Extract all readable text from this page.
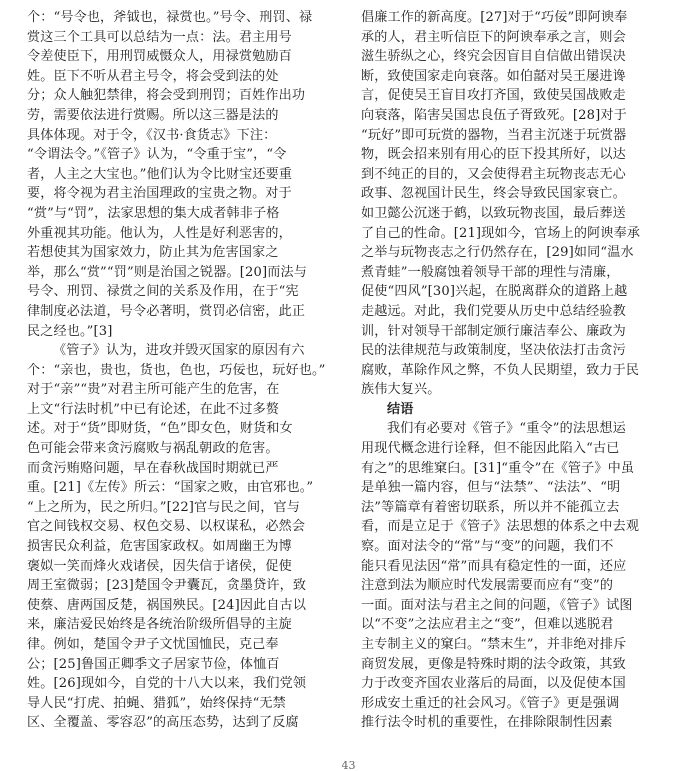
个：“号令也，斧钺也，禄赏也。”号令、刑罚、禄
赏这三个工具可以总结为一点：法。君主用号
令差使臣下，用刑罚威慑众人，用禄赏勉励百
姓。臣下不听从君主号令，将会受到法的处
分；众人触犯禁律，将会受到刑罚；百姓作出功
劳，需要依法进行赏赐。所以这三器是法的
具体体现。对于令，《汉书·食货志》下注：
“令谓法令。”《管子》认为，“令重于宝”，“令
者，人主之大宝也。”他们认为令比财宝还要重
要，将令视为君主治国理政的宝贵之物。对于
“赏”与“罚”，法家思想的集大成者韩非子格
外重视其功能。他认为，人性是好利恶害的，
若想使其为国家效力，防止其为危害国家之
举，那么“赏”“罚”则是治国之锐器。[20]而法与
号令、刑罚、禄赏之间的关系及作用，在于“宪
律制度必法道，号令必著明，赏罚必信密，此正
民之经也。”[3]
《管子》认为，进攻并毁灭国家的原因有六
个：“亲也，贵也，货也，色也，巧佞也，玩好也。”
对于“亲”“贵”对君主所可能产生的危害，在
上文“行法时机”中已有论述，在此不过多赘
述。对于“货”即财货，“色”即女色，财货和女
色可能会带来贪污腐败与祸乱朝政的危害。
而贪污贿赂问题，早在春秋战国时期就已严
重。[21]《左传》所云：“国家之败，由官邪也。”
“上之所为，民之所归。”[22]官与民之间，官与
官之间钱权交易、权色交易、以权谋私，必然会
损害民众利益，危害国家政权。如周幽王为博
褒姒一笑而烽火戏诸侯，因失信于诸侯，促使
周王室微弱；[23]楚国令尹囊瓦，贪墨贷许，致
使蔡、唐两国反楚，祸国殃民。[24]因此自古以
来，廉洁爱民始终是各统治阶级所倡导的主旋
律。例如，楚国令尹子文忧国恤民，克己奉
公；[25]鲁国正卿季文子居家节俭，体恤百
姓。[26]现如今，自党的十八大以来，我们党领
导人民“打虎、拍蝇、猎狐”，始终保持“无禁
区、全覆盖、零容忍”的高压态势，达到了反腐
倡廉工作的新高度。[27]对于“巧佞”即阿谀奉
承的人，君主听信臣下的阿谀奉承之言，则会
滋生骄纵之心，终究会因盲目自信做出错误决
断，致使国家走向衰落。如伯嚭对吴王屡进谗
言，促使吴王盲目攻打齐国，致使吴国战败走
向衰落，陷害吴国忠良伍子胥致死。[28]对于
“玩好”即可玩赏的器物，当君主沉迷于玩赏器
物，既会招来别有用心的臣下投其所好，以达
到不纯正的目的，又会使得君主玩物丧志无心
政事、忽视国计民生，终会导致民国家衰亡。
如卫懿公沉迷于鹤，以致玩物丧国，最后葬送
了自己的性命。[21]现如今，官场上的阿谀奉承
之举与玩物丧志之行仍然存在，[29]如同“温水
煮青蛙”一般腐蚀着领导干部的理性与清廉，
促使“四风”[30]兴起，在脱离群众的道路上越
走越远。对此，我们党要从历史中总结经验教
训，针对领导干部制定颁行廉洁奉公、廉政为
民的法律规范与政策制度，坚决依法打击贪污
腐败，革除作风之弊，不负人民期望，致力于民
族伟大复兴。
结语
我们有必要对《管子》“重令”的法思想运
用现代概念进行诠释，但不能因此陷入“古已
有之”的思维窠臼。[31]“重令”在《管子》中虽
是单独一篇内容，但与“法禁”、“法法”、“明
法”等篇章有着密切联系，所以并不能孤立去
看，而是立足于《管子》法思想的体系之中去观
察。面对法令的“常”与“变”的问题，我们不
能只看见法因“常”而具有稳定性的一面，还应
注意到法为顺应时代发展需要而应有“变”的
一面。面对法与君主之间的问题，《管子》试图
以“不变”之法应君主之“变”，但难以逃脱君
主专制主义的窠臼。“禁末生”，并非绝对排斥
商贸发展，更像是特殊时期的法令政策，其致
力于改变齐国农业落后的局面，以及促使本国
形成安土重迁的社会风习。《管子》更是强调
推行法令时机的重要性，在排除限制性因素
43
